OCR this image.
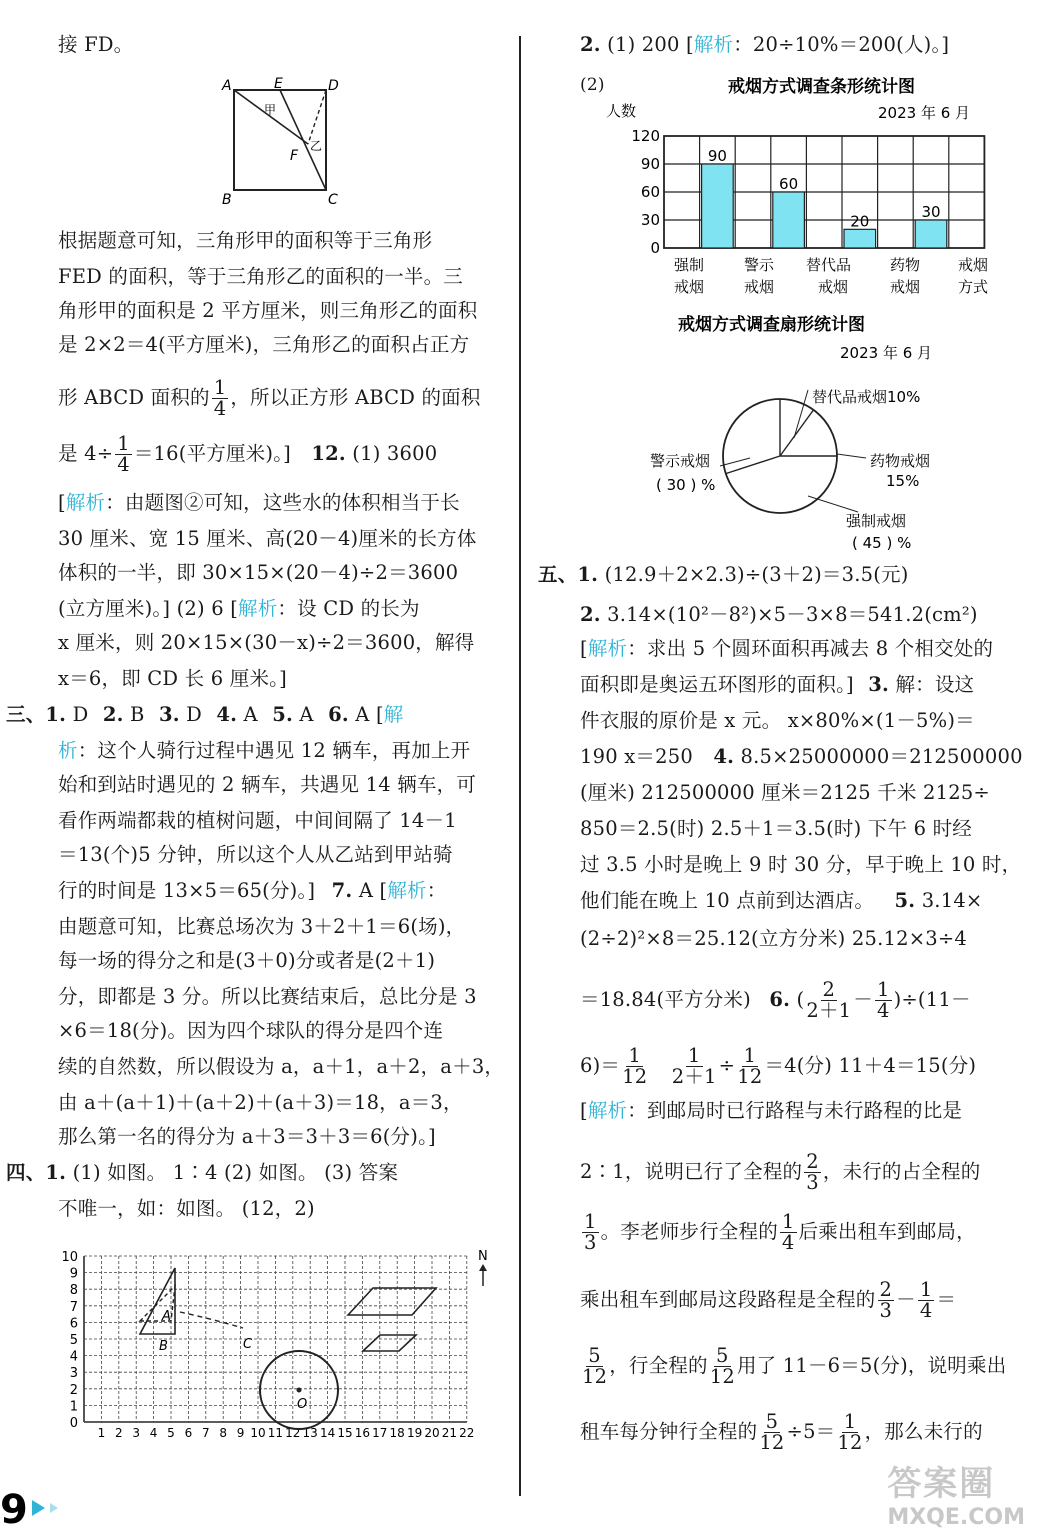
接 FD。
A	E	D
甲
F
乙
B	C
根据题意可知，三角形甲的面积等于三角形
FED 的面积，等于三角形乙的面积的一半。三
角形甲的面积是 2 平方厘米，则三角形乙的面积
是 2×2＝4(平方厘米)，三角形乙的面积占正方
形 ABCD 面积的 $\frac{1}{4}$ ，所以正方形 ABCD 的面积
是 $4\div \frac{1}{4} =16$(平方厘米)。] 12. (1) 3600
[解析：由题图②可知，这些水的体积相当于长
30 厘米、宽 15 厘米、高(20－4)厘米的长方体
体积的一半，即 30×15×(20－4)÷2＝3600
(立方厘米)。] (2) 6 [解析：设 CD 的长为
x 厘米，则 20×15×(30－x)÷2＝3600，解得
x＝6，即 CD 长 6 厘米。]
三、1. D 2. B 3. D 4. A 5. A 6. A [解
析：这个人骑行过程中遇见 12 辆车，再加上开
始和到站时遇见的 2 辆车，共遇见 14 辆车，可
看作两端都栽的植树问题，中间间隔了 14－1
＝13(个)5 分钟，所以这个人从乙站到甲站骑
行的时间是 13×5＝65(分)。] 7. A [解析：
由题意可知，比赛总场次为 3＋2＋1＝6(场)，
每一场的得分之和是(3＋0)分或者是(2＋1)
分，即都是 3 分。所以比赛结束后，总比分是 3
×6＝18(分)。因为四个球队的得分是四个连
续的自然数，所以假设为 a，a＋1，a＋2，a＋3，
由 a＋(a＋1)＋(a＋2)＋(a＋3)＝18，a＝3，
那么第一名的得分为 a＋3＝3＋3＝6(分)。]
四、1. (1) 如图。 1∶4 (2) 如图。 (3) 答案
不唯一，如：如图。 (12，2)
0
1
2
3
4
5
6
7
8
9
10
1 2 3 4 5 6 7 8 9 10 11 12 13 14 15 16 17 18 19 20 21 22
B
A
C
O
N
2. (1) 200 [解析：20÷10%＝200(人)。]
(2)	戒烟方式调查条形统计图
人数	2023 年 6 月
120
90
60
30
0
90
60
20
30
强制
戒烟
警示
戒烟
替代品
戒烟
药物
戒烟
戒烟
方式
戒烟方式调查扇形统计图
2023 年 6 月
替代品戒烟10%
警示戒烟
( 30 ) %
药物戒烟
15%
强制戒烟
( 45 ) %
五、1. (12.9＋2×2.3)÷(3＋2)＝3.5(元)
2. 3.14×(10²－8²)×5－3×8＝541.2(cm²)
[解析：求出 5 个圆环面积再减去 8 个相交处的
面积即是奥运五环图形的面积。] 3. 解：设这
件衣服的原价是 x 元。 x×80%×(1－5%)＝
190 x＝250 4. 8.5×25000000＝212500000
(厘米) 212500000 厘米＝2125 千米 2125÷
850＝2.5(时) 2.5＋1＝3.5(时) 下午 6 时经
过 3.5 小时是晚上 9 时 30 分，早于晚上 10 时，
他们能在晚上 10 点前到达酒店。 5. 3.14×
(2÷2)²×8＝25.12(立方分米) 25.12×3÷4
＝18.84(平方分米) 6. ( $\frac{2}{2+1} - \frac{1}{4} )\div(11-$
$6)= \frac{1}{12}$
$\frac{1}{2+1} \div \frac{1}{12} =4$(分) 11＋4＝15(分)
[解析：到邮局时已行路程与未行路程的比是
2∶1，说明已行了全程的 $\frac{2}{3}$ ，未行的占全程的
$\frac{1}{3}$ 。李老师步行全程的 $\frac{1}{4}$ 后乘出租车到邮局，
乘出租车到邮局这段路程是全程的 $\frac{2}{3} - \frac{1}{4}$ ＝
$\frac{5}{12}$ ，行全程的 $\frac{5}{12}$ 用了 11－6＝5(分)，说明乘出
租车每分钟行全程的 $\frac{5}{12} \div 5= \frac{1}{12}$ ，那么未行的
9
答案圈
MXQE.COM
